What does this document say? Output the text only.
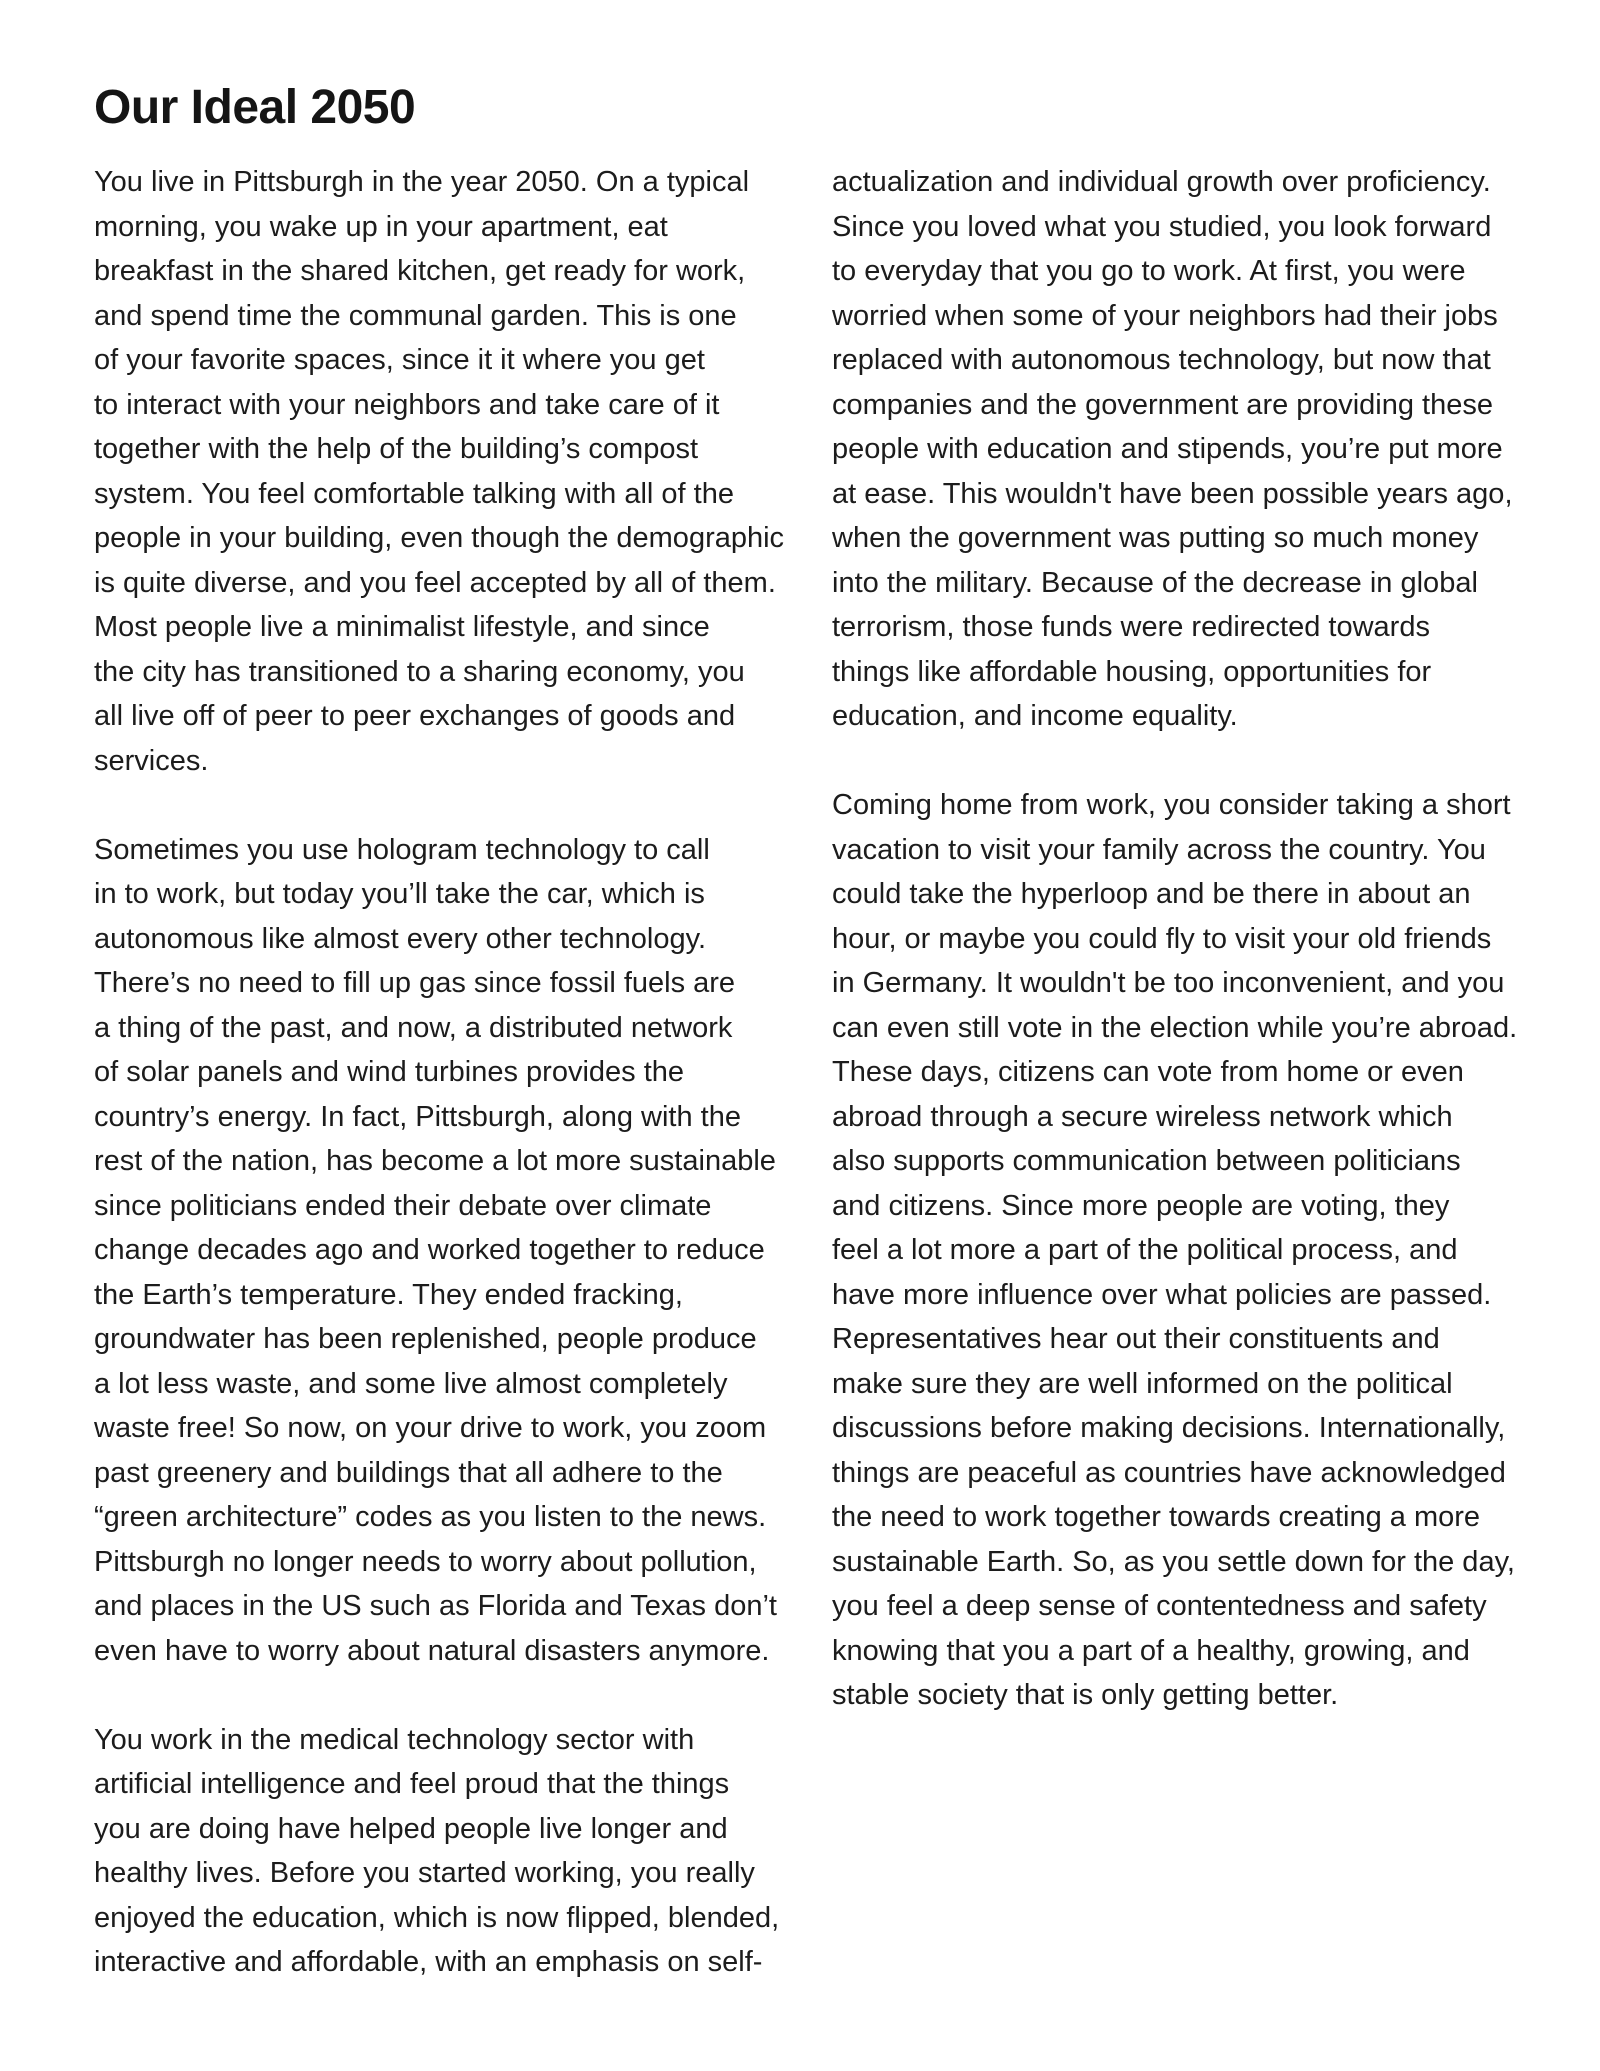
Our Ideal 2050
You live in Pittsburgh in the year 2050. On a typical
morning, you wake up in your apartment, eat
breakfast in the shared kitchen, get ready for work,
and spend time the communal garden. This is one
of your favorite spaces, since it it where you get
to interact with your neighbors and take care of it
together with the help of the building’s compost
system. You feel comfortable talking with all of the
people in your building, even though the demographic
is quite diverse, and you feel accepted by all of them.
Most people live a minimalist lifestyle, and since
the city has transitioned to a sharing economy, you
all live off of peer to peer exchanges of goods and
services.
Sometimes you use hologram technology to call
in to work, but today you’ll take the car, which is
autonomous like almost every other technology.
There’s no need to fill up gas since fossil fuels are
a thing of the past, and now, a distributed network
of solar panels and wind turbines provides the
country’s energy. In fact, Pittsburgh, along with the
rest of the nation, has become a lot more sustainable
since politicians ended their debate over climate
change decades ago and worked together to reduce
the Earth’s temperature. They ended fracking,
groundwater has been replenished, people produce
a lot less waste, and some live almost completely
waste free! So now, on your drive to work, you zoom
past greenery and buildings that all adhere to the
“green architecture” codes as you listen to the news.
Pittsburgh no longer needs to worry about pollution,
and places in the US such as Florida and Texas don’t
even have to worry about natural disasters anymore.
You work in the medical technology sector with
artificial intelligence and feel proud that the things
you are doing have helped people live longer and
healthy lives. Before you started working, you really
enjoyed the education, which is now flipped, blended,
interactive and affordable, with an emphasis on self-
actualization and individual growth over proficiency.
Since you loved what you studied, you look forward
to everyday that you go to work. At first, you were
worried when some of your neighbors had their jobs
replaced with autonomous technology, but now that
companies and the government are providing these
people with education and stipends, you’re put more
at ease. This wouldn't have been possible years ago,
when the government was putting so much money
into the military. Because of the decrease in global
terrorism, those funds were redirected towards
things like affordable housing, opportunities for
education, and income equality.
Coming home from work, you consider taking a short
vacation to visit your family across the country. You
could take the hyperloop and be there in about an
hour, or maybe you could fly to visit your old friends
in Germany. It wouldn't be too inconvenient, and you
can even still vote in the election while you’re abroad.
These days, citizens can vote from home or even
abroad through a secure wireless network which
also supports communication between politicians
and citizens. Since more people are voting, they
feel a lot more a part of the political process, and
have more influence over what policies are passed.
Representatives hear out their constituents and
make sure they are well informed on the political
discussions before making decisions. Internationally,
things are peaceful as countries have acknowledged
the need to work together towards creating a more
sustainable Earth. So, as you settle down for the day,
you feel a deep sense of contentedness and safety
knowing that you a part of a healthy, growing, and
stable society that is only getting better.
